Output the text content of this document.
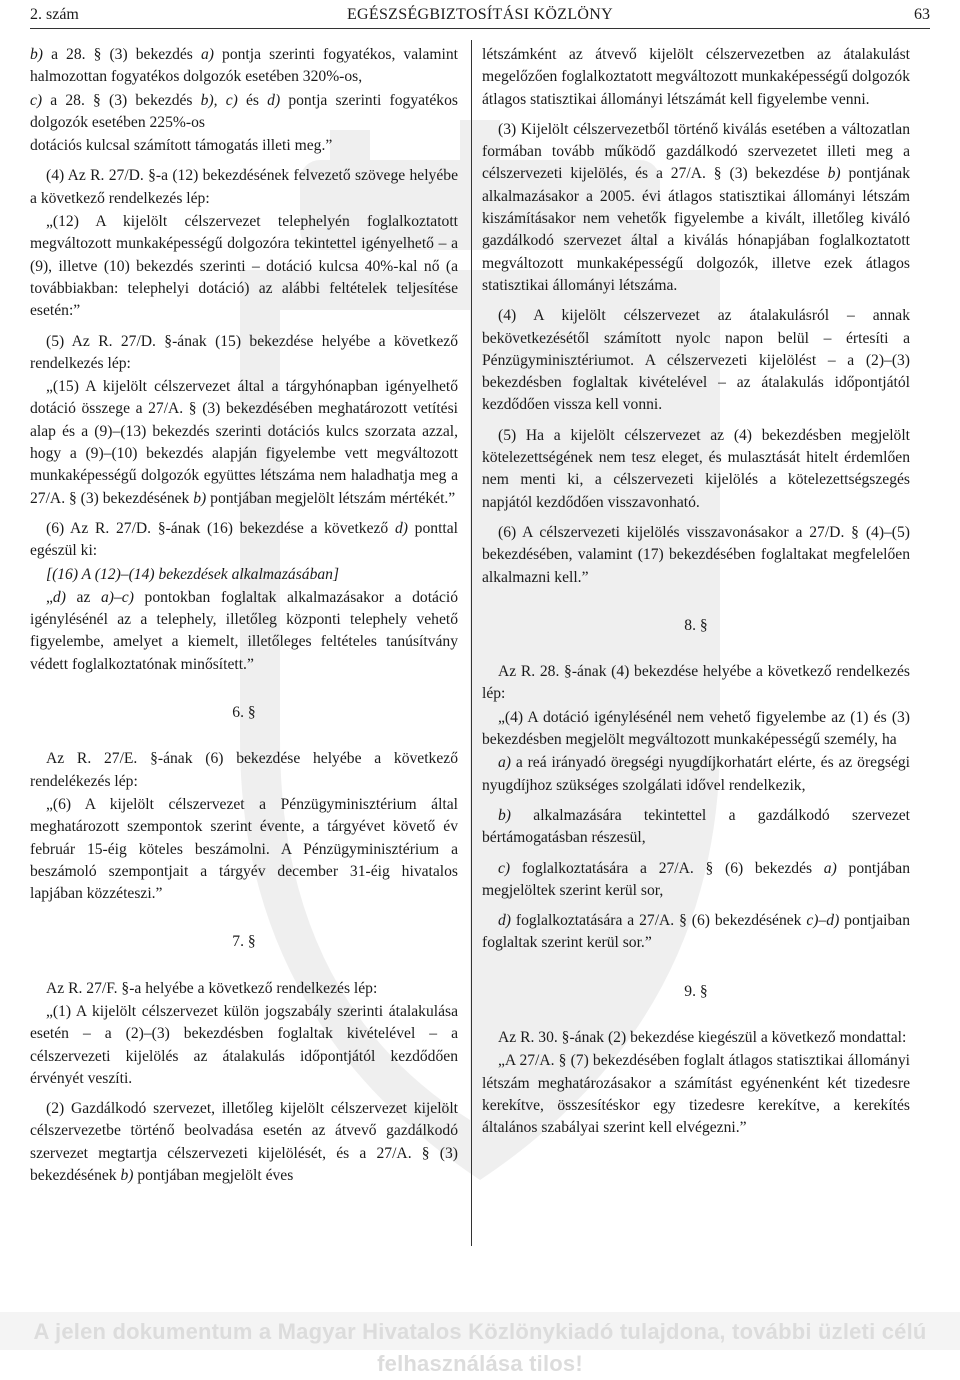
2. szám	EGÉSZSÉGBIZTOSÍTÁSI KÖZLÖNY	63

b) a 28. § (3) bekezdés a) pontja szerinti fogyatékos, valamint halmozottan fogyatékos dolgozók esetében 320%-os,

c) a 28. § (3) bekezdés b), c) és d) pontja szerinti fogyatékos dolgozók esetében 225%-os

dotációs kulcsal számított támogatás illeti meg.”

(4) Az R. 27/D. §-a (12) bekezdésének felvezető szövege helyébe a következő rendelkezés lép:

„(12) A kijelölt célszervezet telephelyén foglalkoztatott megváltozott munkaképességű dolgozóra tekintettel igényelhető – a (9), illetve (10) bekezdés szerinti – dotáció kulcsa 40%-kal nő (a továbbiakban: telephelyi dotáció) az alábbi feltételek teljesítése esetén:”

(5) Az R. 27/D. §-ának (15) bekezdése helyébe a következő rendelkezés lép:

„(15) A kijelölt célszervezet által a tárgyhónapban igényelhető dotáció összege a 27/A. § (3) bekezdésében meghatározott vetítési alap és a (9)–(13) bekezdés szerinti dotációs kulcs szorzata azzal, hogy a (9)–(10) bekezdés alapján figyelembe vett megváltozott munkaképességű dolgozók együttes létszáma nem haladhatja meg a 27/A. § (3) bekezdésének b) pontjában megjelölt létszám mértékét.”

(6) Az R. 27/D. §-ának (16) bekezdése a következő d) ponttal egészül ki:

[(16) A (12)–(14) bekezdések alkalmazásában]

„d) az a)–c) pontokban foglaltak alkalmazásakor a dotáció igénylésénél az a telephely, illetőleg központi telephely vehető figyelembe, amelyet a kiemelt, illetőleges feltételes tanúsítvány védett foglalkoztatónak minősített.”

6. §

Az R. 27/E. §-ának (6) bekezdése helyébe a következő rendelékezés lép:

„(6) A kijelölt célszervezet a Pénzügyminisztérium által meghatározott szempontok szerint évente, a tárgyévet követő év február 15-éig köteles beszámolni. A Pénzügyminisztérium a beszámoló szempontjait a tárgyév december 31-éig hivatalos lapjában közzéteszi.”

7. §

Az R. 27/F. §-a helyébe a következő rendelkezés lép:

„(1) A kijelölt célszervezet külön jogszabály szerinti átalakulása esetén – a (2)–(3) bekezdésben foglaltak kivételével – a célszervezeti kijelölés az átalakulás időpontjától kezdődően érvényét veszíti.

(2) Gazdálkodó szervezet, illetőleg kijelölt célszervezet kijelölt célszervezetbe történő beolvadása esetén az átvevő gazdálkodó szervezet megtartja célszervezeti kijelölését, és a 27/A. § (3) bekezdésének b) pontjában megjelölt éves

létszámként az átvevő kijelölt célszervezetben az átalakulást megelőzően foglalkoztatott megváltozott munkaképességű dolgozók átlagos statisztikai állományi létszámát kell figyelembe venni.

(3) Kijelölt célszervezetből történő kiválás esetében a változatlan formában tovább működő gazdálkodó szervezetet illeti meg a célszervezeti kijelölés, és a 27/A. § (3) bekezdése b) pontjának alkalmazásakor a 2005. évi átlagos statisztikai állományi létszám kiszámításakor nem vehetők figyelembe a kivált, illetőleg kiváló gazdálkodó szervezet által a kiválás hónapjában foglalkoztatott megváltozott munkaképességű dolgozók, illetve ezek átlagos statisztikai állományi létszáma.

(4) A kijelölt célszervezet az átalakulásról – annak bekövetkezésétől számított nyolc napon belül – értesíti a Pénzügyminisztériumot. A célszervezeti kijelölést – a (2)–(3) bekezdésben foglaltak kivételével – az átalakulás időpontjától kezdődően vissza kell vonni.

(5) Ha a kijelölt célszervezet az (4) bekezdésben megjelölt kötelezettségének nem tesz eleget, és mulasztását hitelt érdemlően nem menti ki, a célszervezeti kijelölés a kötelezettségszegés napjától kezdődően visszavonható.

(6) A célszervezeti kijelölés visszavonásakor a 27/D. § (4)–(5) bekezdésében, valamint (17) bekezdésében foglaltakat megfelelően alkalmazni kell.”

8. §

Az R. 28. §-ának (4) bekezdése helyébe a következő rendelkezés lép:

„(4) A dotáció igénylésénél nem vehető figyelembe az (1) és (3) bekezdésben megjelölt megváltozott munkaképességű személy, ha

a) a reá irányadó öregségi nyugdíjkorhatárt elérte, és az öregségi nyugdíjhoz szükséges szolgálati idővel rendelkezik,

b) alkalmazására tekintettel a gazdálkodó szervezet bértámogatásban részesül,

c) foglalkoztatására a 27/A. § (6) bekezdés a) pontjában megjelöltek szerint kerül sor,

d) foglalkoztatására a 27/A. § (6) bekezdésének c)–d) pontjaiban foglaltak szerint kerül sor.”

9. §

Az R. 30. §-ának (2) bekezdése kiegészül a következő mondattal:

„A 27/A. § (7) bekezdésében foglalt átlagos statisztikai állományi létszám meghatározásakor a számítást egyénenként két tizedesre kerekítve, összesítéskor egy tizedesre kerekítve, a kerekítés általános szabályai szerint kell elvégezni.”

A jelen dokumentum a Magyar Hivatalos Közlönykiadó tulajdona, további üzleti célú felhasználása tilos!
